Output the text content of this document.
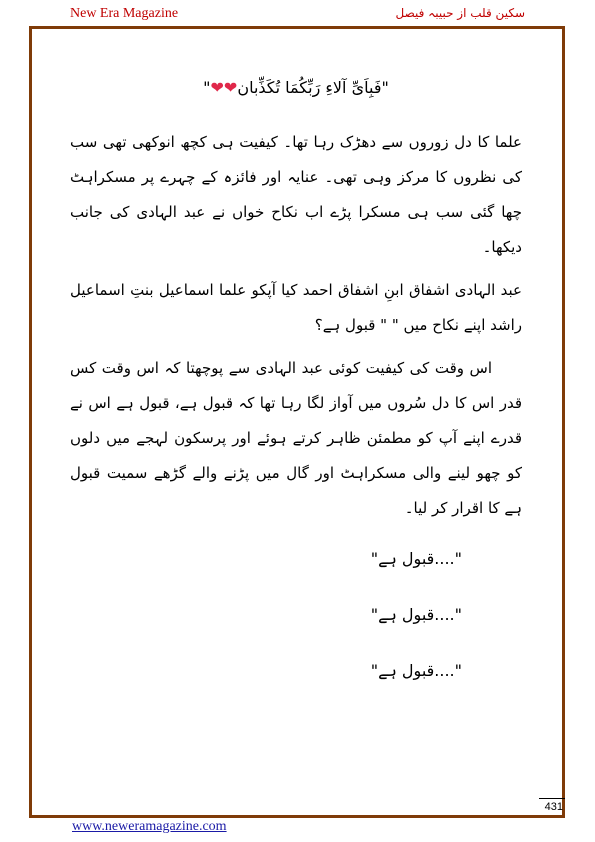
New Era Magazine	سکین قلب از حبیبہ فیصل
"❤❤فَبِاَیِّ آلاءِ رَبِّکُمَا تُکَذِّبان"

علما کا دل زوروں سے دھڑک رہا تھا۔ کیفیت ہی کچھ انوکھی تھی سب کی نظروں کا مرکز وہی تھی۔ عنایہ اور فائزہ کے چہرے پر مسکراہٹ چھا گئی سب ہی مسکرا پڑے اب نکاح خواں نے عبد الہادی کی جانب دیکھا۔

عبد الہادی اشفاق ابنِ اشفاق احمد کیا آپکو علما اسماعیل بنتِ اسماعیل راشد اپنے نکاح میں " " قبول ہے؟

اس وقت کی کیفیت کوئی عبد الہادی سے پوچھتا کہ اس وقت کس قدر اس کا دل سُروں میں آواز لگا رہا تھا کہ قبول ہے، قبول ہے اس نے قدرے اپنے آپ کو مطمئن ظاہر کرتے ہوئے اور پرسکون لہجے میں دلوں کو چھو لینے والی مسکراہٹ اور گال میں پڑنے والے گڑھے سمیت قبول ہے کا اقرار کر لیا۔

"....قبول ہے"
"....قبول ہے"
"....قبول ہے"
431
www.neweramagazine.com
